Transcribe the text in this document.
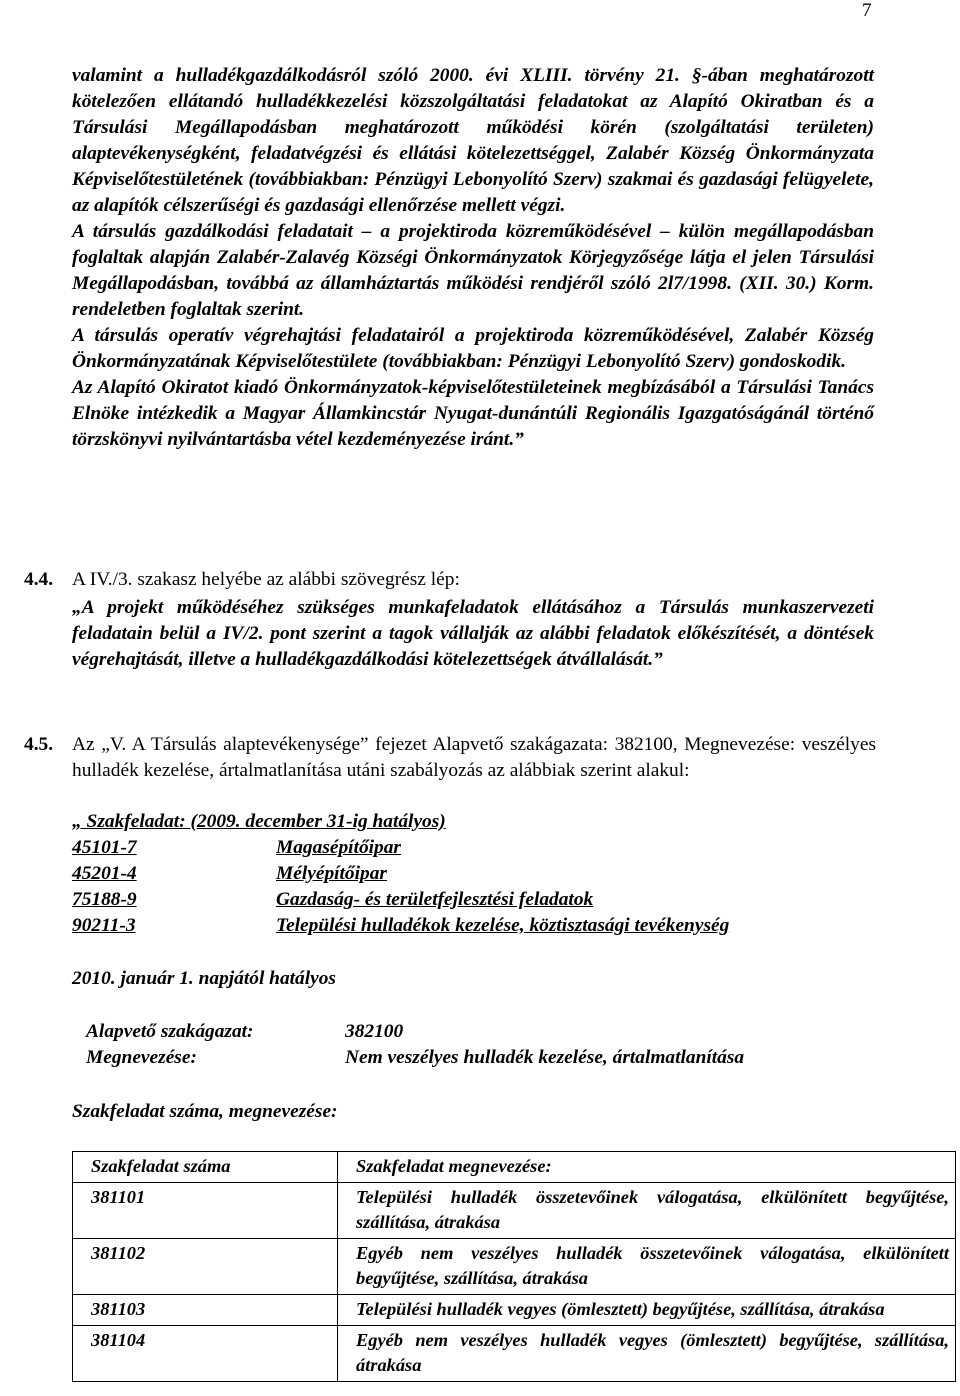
7

valamint a hulladékgazdálkodásról szóló 2000. évi XLIII. törvény 21. §-ában meghatározott kötelezően ellátandó hulladékkezelési közszolgáltatási feladatokat az Alapító Okiratban és a Társulási Megállapodásban meghatározott működési körén (szolgáltatási területen) alaptevékenységként, feladatvégzési és ellátási kötelezettséggel, Zalabér Község Önkormányzata Képviselőtestületének (továbbiakban: Pénzügyi Lebonyolító Szerv) szakmai és gazdasági felügyelete, az alapítók célszerűségi és gazdasági ellenőrzése mellett végzi.

A társulás gazdálkodási feladatait – a projektiroda közreműködésével – külön megállapodásban foglaltak alapján Zalabér-Zalavég Községi Önkormányzatok Körjegyzősége látja el jelen Társulási Megállapodásban, továbbá az államháztartás működési rendjéről szóló 2l7/1998. (XII. 30.) Korm. rendeletben foglaltak szerint.

A társulás operatív végrehajtási feladatairól a projektiroda közreműködésével, Zalabér Község Önkormányzatának Képviselőtestülete (továbbiakban: Pénzügyi Lebonyolító Szerv) gondoskodik.

Az Alapító Okiratot kiadó Önkormányzatok-képviselőtestületeinek megbízásából a Társulási Tanács Elnöke intézkedik a Magyar Államkincstár Nyugat-dunántúli Regionális Igazgatóságánál történő törzskönyvi nyilvántartásba vétel kezdeményezése iránt.”

4.4. A IV./3. szakasz helyébe az alábbi szövegrész lép:
„A projekt működéséhez szükséges munkafeladatok ellátásához a Társulás munkaszervezeti feladatain belül a IV/2. pont szerint a tagok vállalják az alábbi feladatok előkészítését, a döntések végrehajtását, illetve a hulladékgazdálkodási kötelezettségek átvállalását.”
4.5. Az „V. A Társulás alaptevékenysége” fejezet Alapvető szakágazata: 382100, Megnevezése: veszélyes hulladék kezelése, ártalmatlanítása utáni szabályozás az alábbiak szerint alakul:
„ Szakfeladat: (2009. december 31-ig hatályos)
45101-7	Magasépítőipar
45201-4	Mélyépítőipar
75188-9	Gazdaság- és területfejlesztési feladatok
90211-3	Települési hulladékok kezelése, köztisztasági tevékenység
2010. január 1. napjától hatályos
Alapvető szakágazat:	382100
Megnevezése:	Nem veszélyes hulladék kezelése, ártalmatlanítása
Szakfeladat száma, megnevezése:
Szakfeladat száma	Szakfeladat megnevezése:
381101	Települési hulladék összetevőinek válogatása, elkülönített begyűjtése, szállítása, átrakása
381102	Egyéb nem veszélyes hulladék összetevőinek válogatása, elkülönített begyűjtése, szállítása, átrakása
381103	Települési hulladék vegyes (ömlesztett) begyűjtése, szállítása, átrakása
381104	Egyéb nem veszélyes hulladék vegyes (ömlesztett) begyűjtése, szállítása, átrakása
